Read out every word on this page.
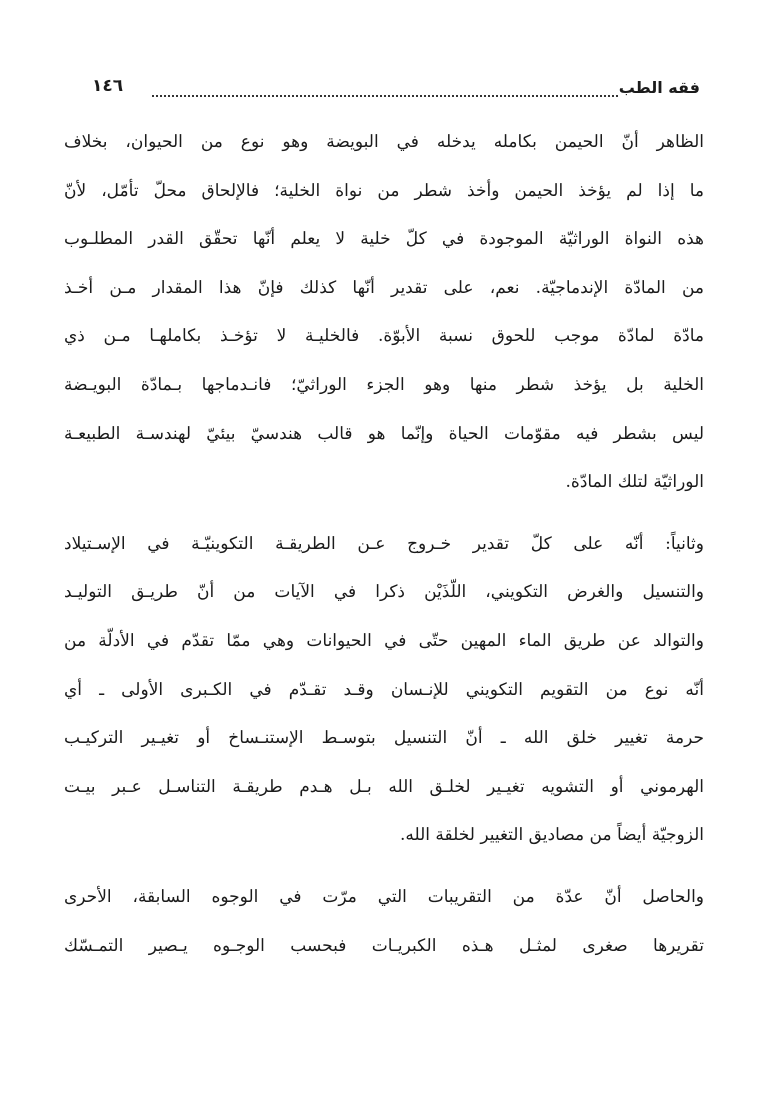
فقه الطب
١٤٦
الظاهر أنّ الحيمن بكامله يدخله في البويضة وهو نوع من الحيوان، بخلاف
ما إذا لم يؤخذ الحيمن وأخذ شطر من نواة الخلية؛ فالإلحاق محلّ تأمّل، لأنّ
هذه النواة الوراثيّة الموجودة في كلّ خلية لا يعلم أنّها تحقّق القدر المطلـوب
من المادّة الإندماجيّة. نعم، على تقدير أنّها كذلك فإنّ هذا المقدار مـن أخـذ
مادّة لمادّة موجب للحوق نسبة الأبوّة. فالخليـة لا تؤخـذ بكاملهـا مـن ذي
الخلية بل يؤخذ شطر منها وهو الجزء الوراثيّ؛ فانـدماجها بـمادّة البويـضة
ليس بشطر فيه مقوّمات الحياة وإنّما هو قالب هندسيّ بيئيّ لهندسـة الطبيعـة
الوراثيّة لتلك المادّة.
وثانياً: أنّه على كلّ تقدير خـروج عـن الطريقـة التكوينيّـة في الإسـتيلاد
والتنسيل والغرض التكويني، اللّذَيْن ذكرا في الآيات من أنّ طريـق التوليـد
والتوالد عن طريق الماء المهين حتّى في الحيوانات وهي ممّا تقدّم في الأدلّة من
أنّه نوع من التقويم التكويني للإنـسان وقـد تقـدّم في الكـبرى الأولى ـ أي
حرمة تغيير خلق الله ـ أنّ التنسيل بتوسـط الإستنـساخ أو تغيـير التركيـب
الهرموني أو التشويه تغيـير لخلـق الله بـل هـدم طريقـة التناسـل عـبر بيـت
الزوجيّة أيضاً من مصاديق التغيير لخلقة الله.
والحاصل أنّ عدّة من التقريبات التي مرّت في الوجوه السابقة، الأحرى
تقريرها صغرى لمثـل هـذه الكبريـات فبحسب الوجـوه يـصير التمـسّك
